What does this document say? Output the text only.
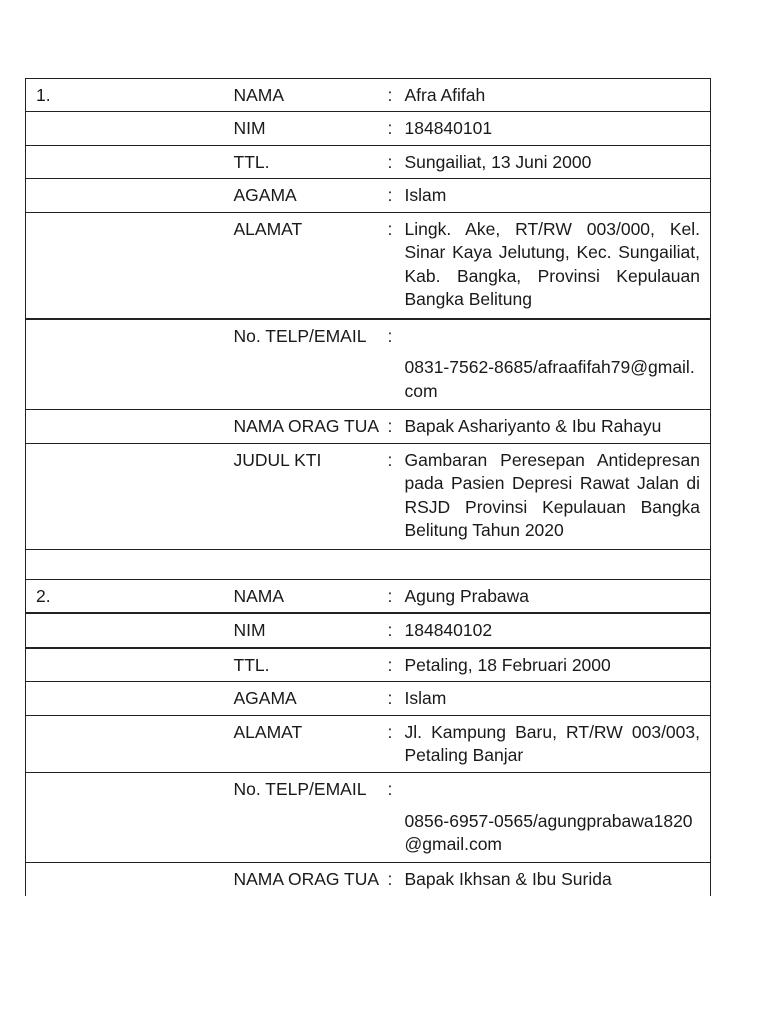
1.	NAMA	:	Afra Afifah
	NIM	:	184840101
	TTL.	:	Sungailiat, 13 Juni 2000
	AGAMA	:	Islam
	ALAMAT	:	Lingk. Ake, RT/RW 003/000, Kel. Sinar Kaya Jelutung, Kec. Sungailiat, Kab. Bangka, Provinsi Kepulauan Bangka Belitung
	No. TELP/EMAIL	:	0831-7562-8685/afraafifah79@gmail.com
	NAMA ORAG TUA	:	Bapak Ashariyanto & Ibu Rahayu
	JUDUL KTI	:	Gambaran Peresepan Antidepresan pada Pasien Depresi Rawat Jalan di RSJD Provinsi Kepulauan Bangka Belitung Tahun 2020

2.	NAMA	:	Agung Prabawa
	NIM	:	184840102
	TTL.	:	Petaling, 18 Februari 2000
	AGAMA	:	Islam
	ALAMAT	:	Jl. Kampung Baru, RT/RW 003/003, Petaling Banjar
	No. TELP/EMAIL	:	0856-6957-0565/agungprabawa1820@gmail.com
	NAMA ORAG TUA	:	Bapak Ikhsan & Ibu Surida
